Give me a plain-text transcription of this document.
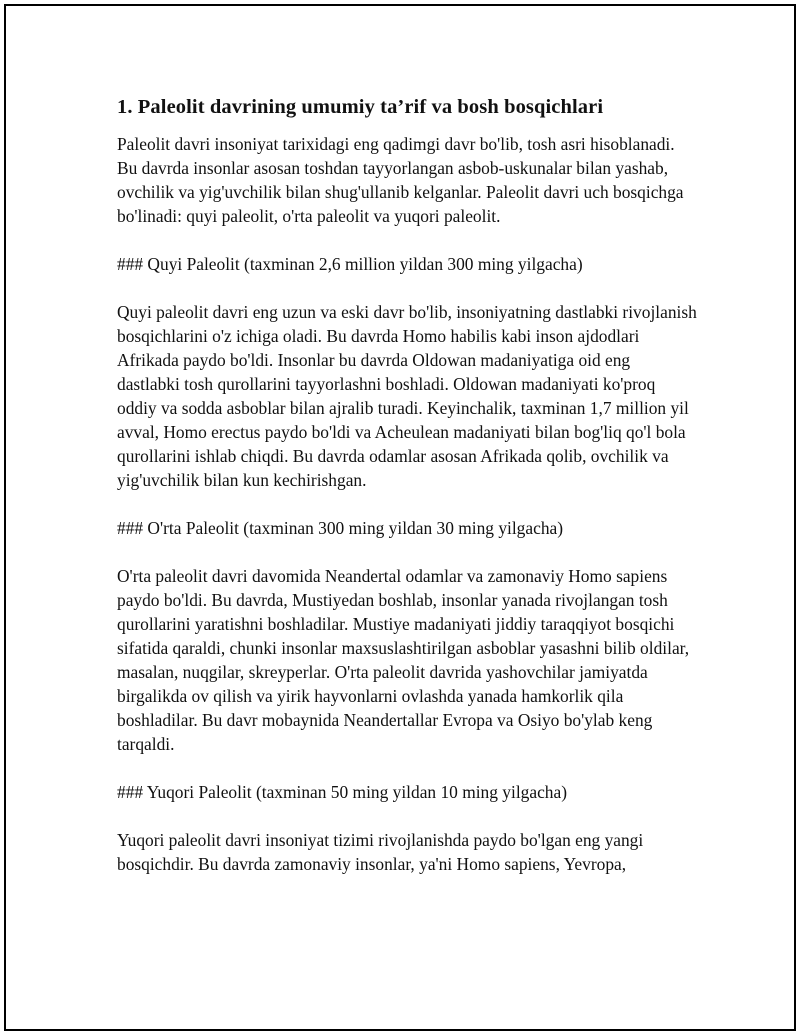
1. Paleolit davrining umumiy ta’rif va bosh bosqichlari

Paleolit davri insoniyat tarixidagi eng qadimgi davr bo'lib, tosh asri hisoblanadi. Bu davrda insonlar asosan toshdan tayyorlangan asbob-uskunalar bilan yashab, ovchilik va yig'uvchilik bilan shug'ullanib kelganlar. Paleolit davri uch bosqichga bo'linadi: quyi paleolit, o'rta paleolit va yuqori paleolit.

### Quyi Paleolit (taxminan 2,6 million yildan 300 ming yilgacha)

Quyi paleolit davri eng uzun va eski davr bo'lib, insoniyatning dastlabki rivojlanish bosqichlarini o'z ichiga oladi. Bu davrda Homo habilis kabi inson ajdodlari Afrikada paydo bo'ldi. Insonlar bu davrda Oldowan madaniyatiga oid eng dastlabki tosh qurollarini tayyorlashni boshladi. Oldowan madaniyati ko'proq oddiy va sodda asboblar bilan ajralib turadi. Keyinchalik, taxminan 1,7 million yil avval, Homo erectus paydo bo'ldi va Acheulean madaniyati bilan bog'liq qo'l bola qurollarini ishlab chiqdi. Bu davrda odamlar asosan Afrikada qolib, ovchilik va yig'uvchilik bilan kun kechirishgan.

### O'rta Paleolit (taxminan 300 ming yildan 30 ming yilgacha)

O'rta paleolit davri davomida Neandertal odamlar va zamonaviy Homo sapiens paydo bo'ldi. Bu davrda, Mustiyedan boshlab, insonlar yanada rivojlangan tosh qurollarini yaratishni boshladilar. Mustiye madaniyati jiddiy taraqqiyot bosqichi sifatida qaraldi, chunki insonlar maxsuslashtirilgan asboblar yasashni bilib oldilar, masalan, nuqgilar, skreyperlar. O'rta paleolit davrida yashovchilar jamiyatda birgalikda ov qilish va yirik hayvonlarni ovlashda yanada hamkorlik qila boshladilar. Bu davr mobaynida Neandertallar Evropa va Osiyo bo'ylab keng tarqaldi.

### Yuqori Paleolit (taxminan 50 ming yildan 10 ming yilgacha)

Yuqori paleolit davri insoniyat tizimi rivojlanishda paydo bo'lgan eng yangi bosqichdir. Bu davrda zamonaviy insonlar, ya'ni Homo sapiens, Yevropa,
